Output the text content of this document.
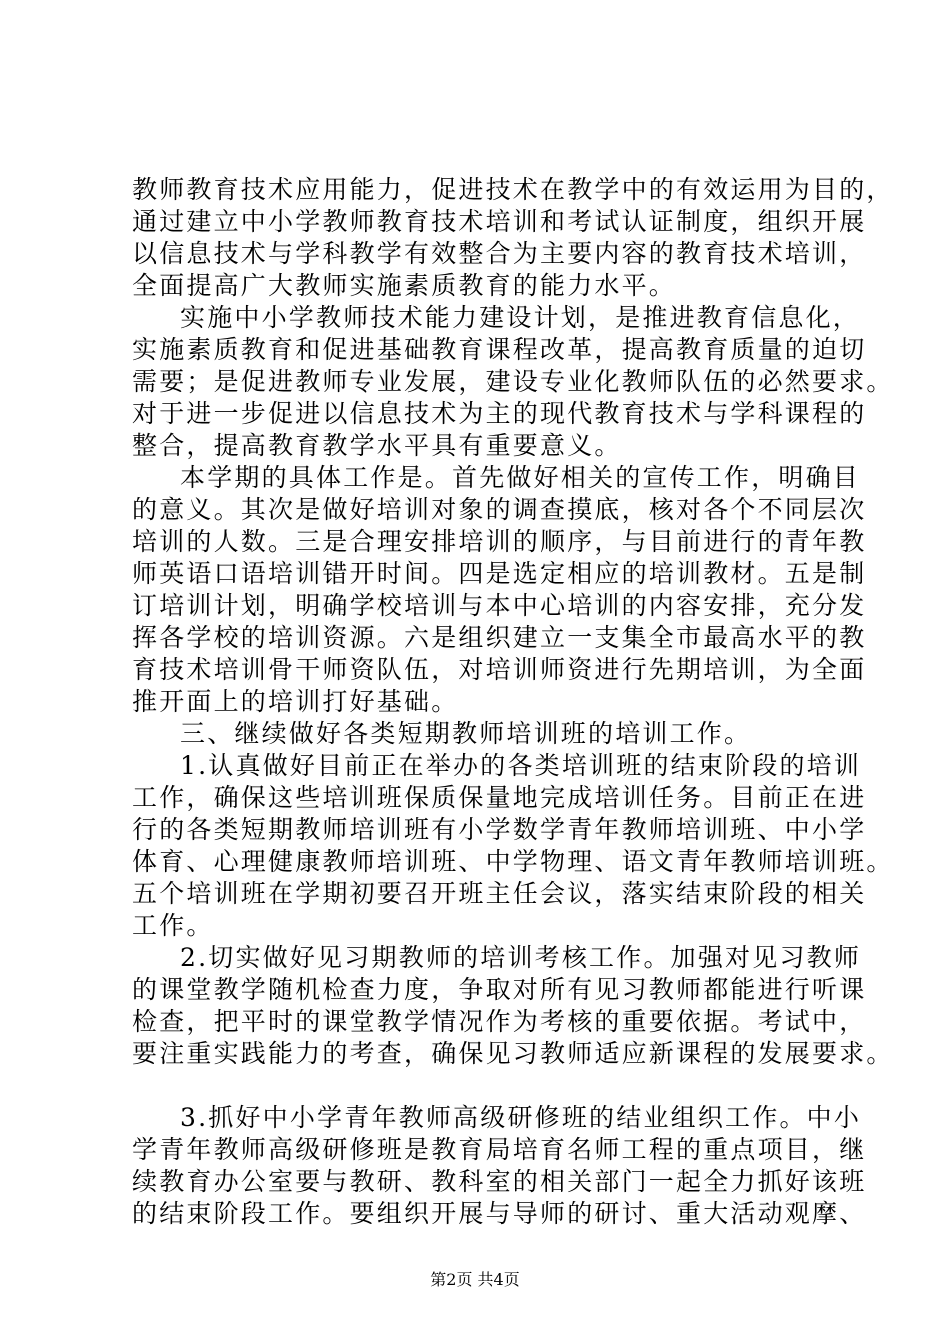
教师教育技术应用能力，促进技术在教学中的有效运用为目的，
通过建立中小学教师教育技术培训和考试认证制度，组织开展
以信息技术与学科教学有效整合为主要内容的教育技术培训，
全面提高广大教师实施素质教育的能力水平。
实施中小学教师技术能力建设计划，是推进教育信息化，
实施素质教育和促进基础教育课程改革，提高教育质量的迫切
需要；是促进教师专业发展，建设专业化教师队伍的必然要求。
对于进一步促进以信息技术为主的现代教育技术与学科课程的
整合，提高教育教学水平具有重要意义。
本学期的具体工作是。首先做好相关的宣传工作，明确目
的意义。其次是做好培训对象的调查摸底，核对各个不同层次
培训的人数。三是合理安排培训的顺序，与目前进行的青年教
师英语口语培训错开时间。四是选定相应的培训教材。五是制
订培训计划，明确学校培训与本中心培训的内容安排，充分发
挥各学校的培训资源。六是组织建立一支集全市最高水平的教
育技术培训骨干师资队伍，对培训师资进行先期培训，为全面
推开面上的培训打好基础。
三、继续做好各类短期教师培训班的培训工作。
1.认真做好目前正在举办的各类培训班的结束阶段的培训
工作，确保这些培训班保质保量地完成培训任务。目前正在进
行的各类短期教师培训班有小学数学青年教师培训班、中小学
体育、心理健康教师培训班、中学物理、语文青年教师培训班。
五个培训班在学期初要召开班主任会议，落实结束阶段的相关
工作。
2.切实做好见习期教师的培训考核工作。加强对见习教师
的课堂教学随机检查力度，争取对所有见习教师都能进行听课
检查，把平时的课堂教学情况作为考核的重要依据。考试中，
要注重实践能力的考查，确保见习教师适应新课程的发展要求。
3.抓好中小学青年教师高级研修班的结业组织工作。中小
学青年教师高级研修班是教育局培育名师工程的重点项目，继
续教育办公室要与教研、教科室的相关部门一起全力抓好该班
的结束阶段工作。要组织开展与导师的研讨、重大活动观摩、
第2页 共4页
